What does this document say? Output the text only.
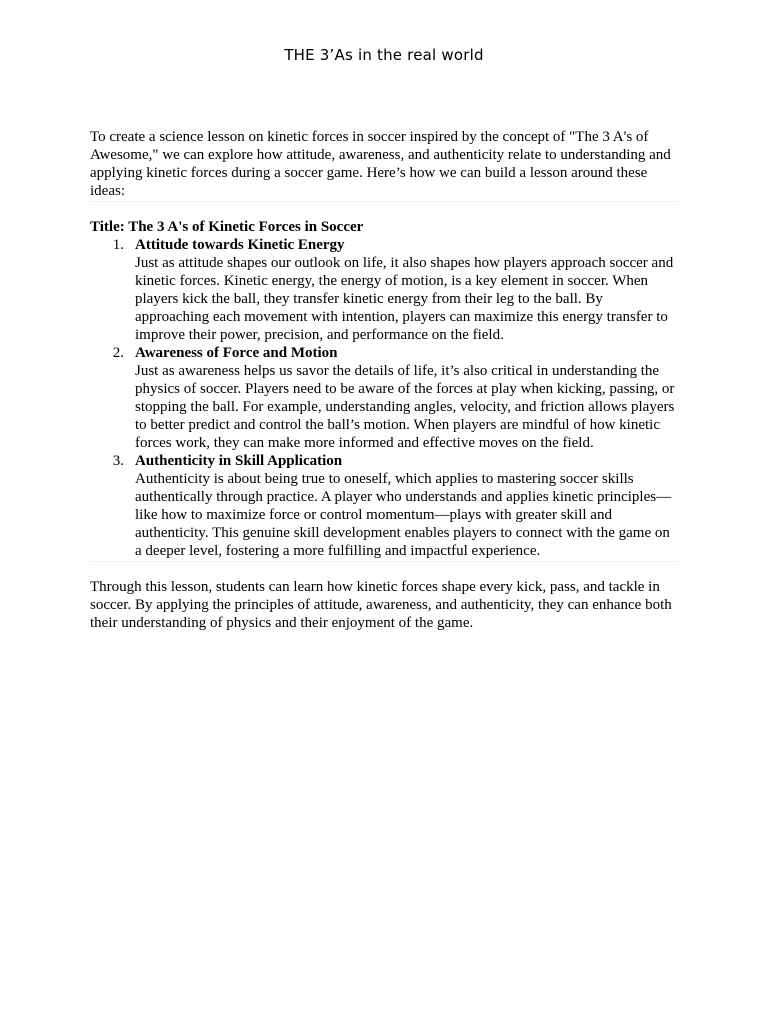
THE 3’As in the real world

To create a science lesson on kinetic forces in soccer inspired by the concept of "The 3 A's of Awesome," we can explore how attitude, awareness, and authenticity relate to understanding and applying kinetic forces during a soccer game. Here’s how we can build a lesson around these ideas:

Title: The 3 A's of Kinetic Forces in Soccer

1. Attitude towards Kinetic Energy
Just as attitude shapes our outlook on life, it also shapes how players approach soccer and kinetic forces. Kinetic energy, the energy of motion, is a key element in soccer. When players kick the ball, they transfer kinetic energy from their leg to the ball. By approaching each movement with intention, players can maximize this energy transfer to improve their power, precision, and performance on the field.
2. Awareness of Force and Motion
Just as awareness helps us savor the details of life, it’s also critical in understanding the physics of soccer. Players need to be aware of the forces at play when kicking, passing, or stopping the ball. For example, understanding angles, velocity, and friction allows players to better predict and control the ball’s motion. When players are mindful of how kinetic forces work, they can make more informed and effective moves on the field.
3. Authenticity in Skill Application
Authenticity is about being true to oneself, which applies to mastering soccer skills authentically through practice. A player who understands and applies kinetic principles—like how to maximize force or control momentum—plays with greater skill and authenticity. This genuine skill development enables players to connect with the game on a deeper level, fostering a more fulfilling and impactful experience.

Through this lesson, students can learn how kinetic forces shape every kick, pass, and tackle in soccer. By applying the principles of attitude, awareness, and authenticity, they can enhance both their understanding of physics and their enjoyment of the game.
